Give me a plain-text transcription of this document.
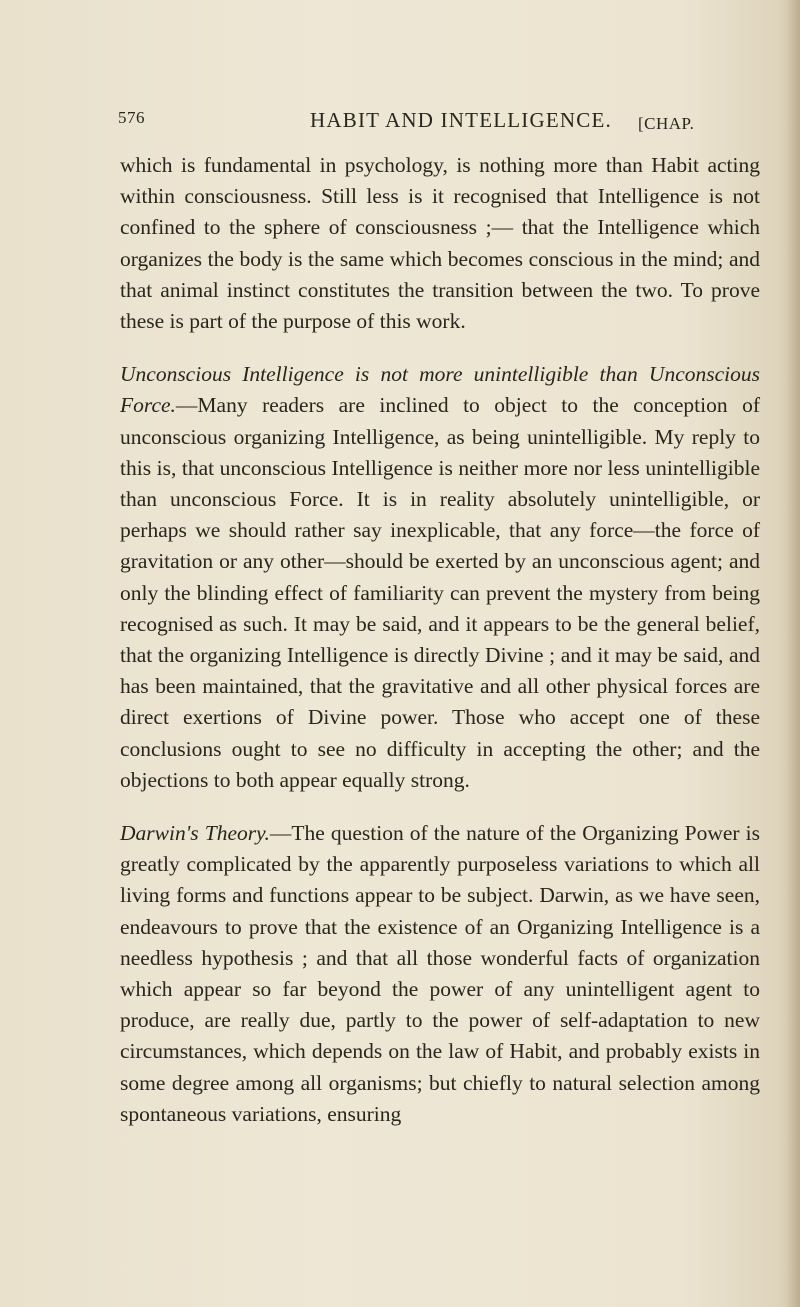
576	HABIT AND INTELLIGENCE. [CHAP.

which is fundamental in psychology, is nothing more than Habit acting within consciousness. Still less is it recognised that Intelligence is not confined to the sphere of consciousness ;— that the Intelligence which organizes the body is the same which becomes conscious in the mind; and that animal instinct constitutes the transition between the two. To prove these is part of the purpose of this work.

Unconscious Intelligence is not more unintelligible than Unconscious Force.—Many readers are inclined to object to the conception of unconscious organizing Intelligence, as being unintelligible. My reply to this is, that unconscious Intelligence is neither more nor less unintelligible than unconscious Force. It is in reality absolutely unintelligible, or perhaps we should rather say inexplicable, that any force—the force of gravitation or any other—should be exerted by an unconscious agent; and only the blinding effect of familiarity can prevent the mystery from being recognised as such. It may be said, and it appears to be the general belief, that the organizing Intelligence is directly Divine ; and it may be said, and has been maintained, that the gravitative and all other physical forces are direct exertions of Divine power. Those who accept one of these conclusions ought to see no difficulty in accepting the other; and the objections to both appear equally strong.

Darwin's Theory.—The question of the nature of the Organizing Power is greatly complicated by the apparently purposeless variations to which all living forms and functions appear to be subject. Darwin, as we have seen, endeavours to prove that the existence of an Organizing Intelligence is a needless hypothesis ; and that all those wonderful facts of organization which appear so far beyond the power of any unintelligent agent to produce, are really due, partly to the power of self-adaptation to new circumstances, which depends on the law of Habit, and probably exists in some degree among all organisms; but chiefly to natural selection among spontaneous variations, ensuring
